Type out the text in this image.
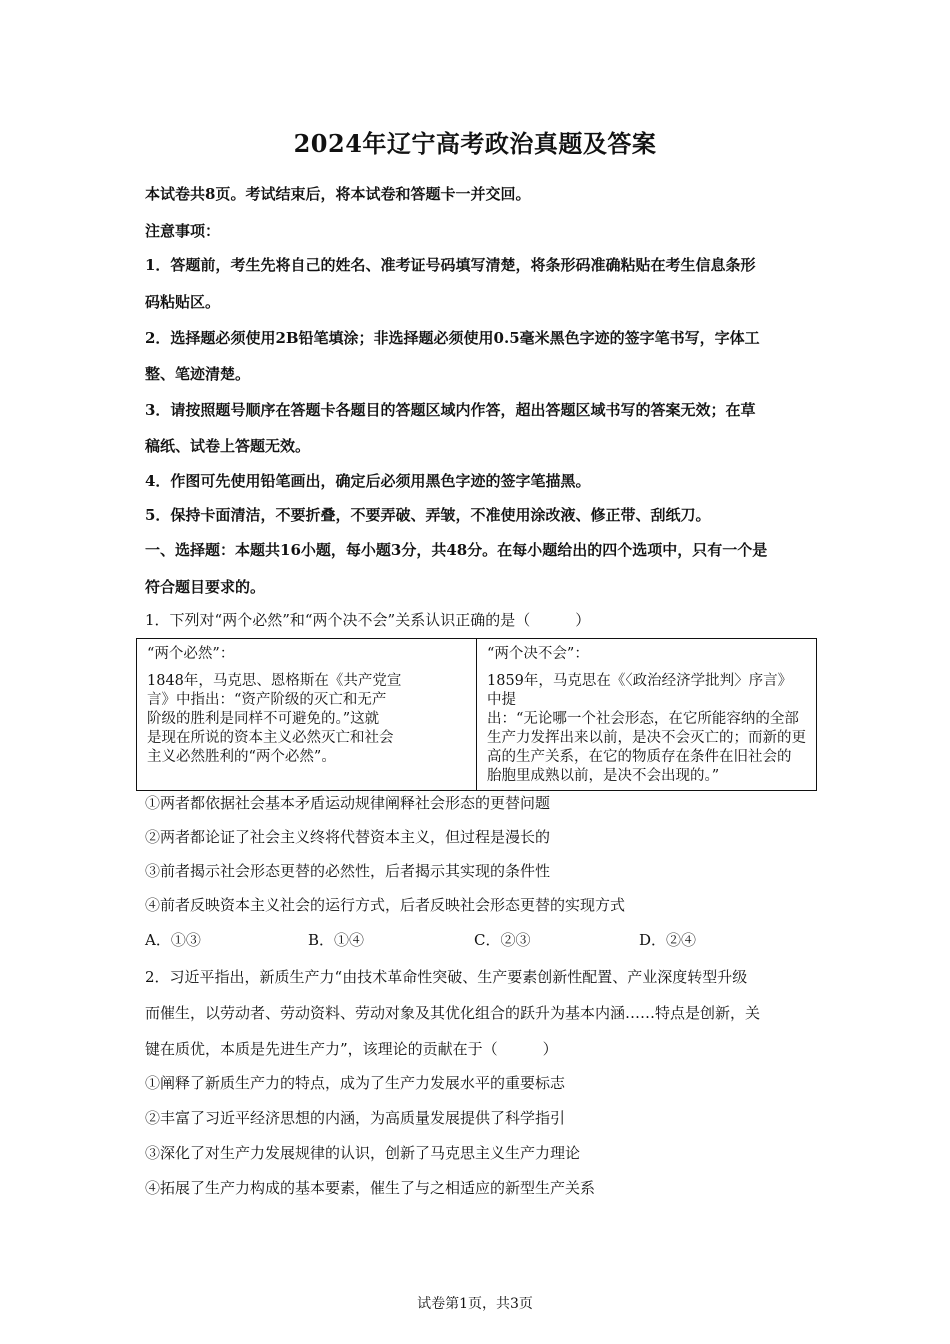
2024年辽宁高考政治真题及答案
本试卷共8页。考试结束后，将本试卷和答题卡一并交回。
注意事项：
1．答题前，考生先将自己的姓名、准考证号码填写清楚，将条形码准确粘贴在考生信息条形
码粘贴区。
2．选择题必须使用2B铅笔填涂；非选择题必须使用0.5毫米黑色字迹的签字笔书写，字体工
整、笔迹清楚。
3．请按照题号顺序在答题卡各题目的答题区域内作答，超出答题区域书写的答案无效；在草
稿纸、试卷上答题无效。
4．作图可先使用铅笔画出，确定后必须用黑色字迹的签字笔描黑。
5．保持卡面清洁，不要折叠，不要弄破、弄皱，不准使用涂改液、修正带、刮纸刀。
一、选择题：本题共16小题，每小题3分，共48分。在每小题给出的四个选项中，只有一个是
符合题目要求的。
1．下列对“两个必然”和“两个决不会”关系认识正确的是（　　　）
“两个必然”：
1848年，马克思、恩格斯在《共产党宣
言》中指出：“资产阶级的灭亡和无产
阶级的胜利是同样不可避免的。”这就
是现在所说的资本主义必然灭亡和社会
主义必然胜利的“两个必然”。

“两个决不会”：
1859年，马克思在《〈政治经济学批判〉序言》中提
出：“无论哪一个社会形态，在它所能容纳的全部
生产力发挥出来以前，是决不会灭亡的；而新的更
高的生产关系，在它的物质存在条件在旧社会的
胎胞里成熟以前，是决不会出现的。”
①两者都依据社会基本矛盾运动规律阐释社会形态的更替问题
②两者都论证了社会主义终将代替资本主义，但过程是漫长的
③前者揭示社会形态更替的必然性，后者揭示其实现的条件性
④前者反映资本主义社会的运行方式，后者反映社会形态更替的实现方式
A．①③	B．①④	C．②③	D．②④
2．习近平指出，新质生产力“由技术革命性突破、生产要素创新性配置、产业深度转型升级
而催生，以劳动者、劳动资料、劳动对象及其优化组合的跃升为基本内涵……特点是创新，关
键在质优，本质是先进生产力”，该理论的贡献在于（　　　）
①阐释了新质生产力的特点，成为了生产力发展水平的重要标志
②丰富了习近平经济思想的内涵，为高质量发展提供了科学指引
③深化了对生产力发展规律的认识，创新了马克思主义生产力理论
④拓展了生产力构成的基本要素，催生了与之相适应的新型生产关系
试卷第1页，共3页
